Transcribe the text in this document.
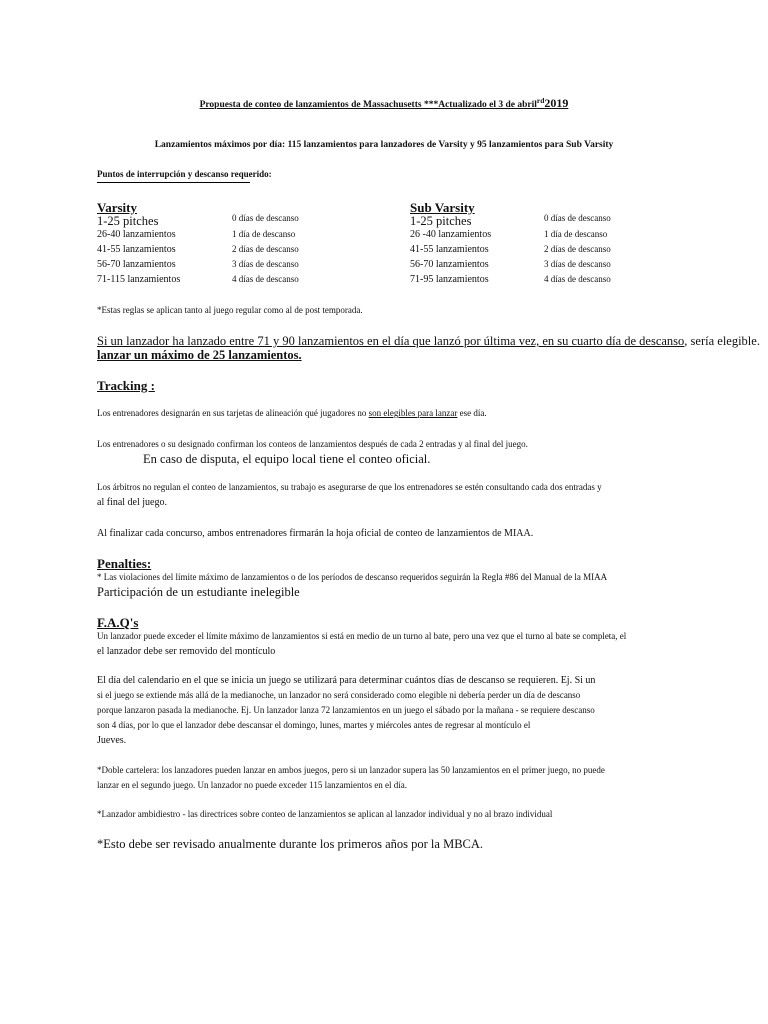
Propuesta de conteo de lanzamientos de Massachusetts ***Actualizado el 3 de abril$^{rd}$2019
Lanzamientos máximos por día: 115 lanzamientos para lanzadores de Varsity y 95 lanzamientos para Sub Varsity
Puntos de interrupción y descanso requerido:
Varsity
1-25 pitches	0 días de descanso
26-40 lanzamientos	1 día de descanso
41-55 lanzamientos	2 días de descanso
56-70 lanzamientos	3 días de descanso
71-115 lanzamientos	4 días de descanso
Sub Varsity
1-25 pitches	0 días de descanso
26 -40 lanzamientos	1 día de descanso
41-55 lanzamientos	2 días de descanso
56-70 lanzamientos	3 días de descanso
71-95 lanzamientos	4 días de descanso
*Estas reglas se aplican tanto al juego regular como al de post temporada.
Si un lanzador ha lanzado entre 71 y 90 lanzamientos en el día que lanzó por última vez, en su cuarto día de descanso, sería elegible.
lanzar un máximo de 25 lanzamientos.
Tracking :
Los entrenadores designarán en sus tarjetas de alineación qué jugadores no son elegibles para lanzar ese día.
Los entrenadores o su designado confirman los conteos de lanzamientos después de cada 2 entradas y al final del juego.
En caso de disputa, el equipo local tiene el conteo oficial.
Los árbitros no regulan el conteo de lanzamientos, su trabajo es asegurarse de que los entrenadores se estén consultando cada dos entradas y
al final del juego.
Al finalizar cada concurso, ambos entrenadores firmarán la hoja oficial de conteo de lanzamientos de MIAA.
Penalties:
* Las violaciones del límite máximo de lanzamientos o de los períodos de descanso requeridos seguirán la Regla #86 del Manual de la MIAA
Participación de un estudiante inelegible
F.A.Q's
Un lanzador puede exceder el límite máximo de lanzamientos si está en medio de un turno al bate, pero una vez que el turno al bate se completa, el
el lanzador debe ser removido del montículo
El día del calendario en el que se inicia un juego se utilizará para determinar cuántos días de descanso se requieren. Ej. Si un
si el juego se extiende más allá de la medianoche, un lanzador no será considerado como elegible ni debería perder un día de descanso
porque lanzaron pasada la medianoche. Ej. Un lanzador lanza 72 lanzamientos en un juego el sábado por la mañana - se requiere descanso
son 4 días, por lo que el lanzador debe descansar el domingo, lunes, martes y miércoles antes de regresar al montículo el
Jueves.
*Doble cartelera: los lanzadores pueden lanzar en ambos juegos, pero si un lanzador supera las 50 lanzamientos en el primer juego, no puede
lanzar en el segundo juego. Un lanzador no puede exceder 115 lanzamientos en el día.
*Lanzador ambidiestro - las directrices sobre conteo de lanzamientos se aplican al lanzador individual y no al brazo individual
*Esto debe ser revisado anualmente durante los primeros años por la MBCA.
